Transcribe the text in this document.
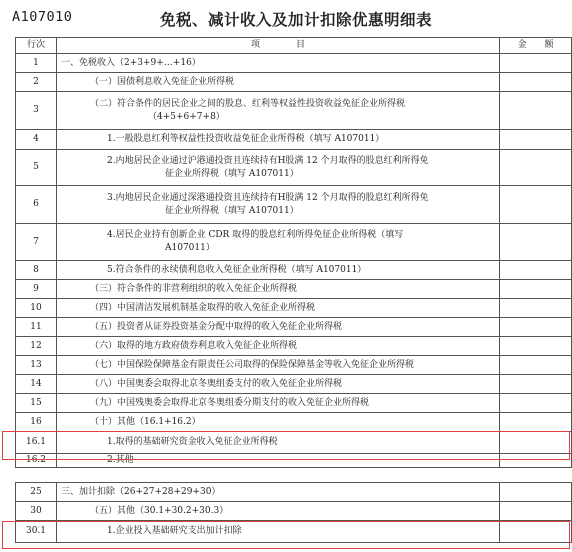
A107010	免税、减计收入及加计扣除优惠明细表
行次	项　　　　目	金　　额
1	一、免税收入（2+3+9+…+16）	
2	（一）国债利息收入免征企业所得税	
3	（二）符合条件的居民企业之间的股息、红利等权益性投资收益免征企业所得税
（4+5+6+7+8）	

4	1.一般股息红利等权益性投资收益免征企业所得税（填写 A107011）	
5	2.内地居民企业通过沪港通投资且连续持有H股满 12 个月取得的股息红利所得免
征企业所得税（填写 A107011）	

6	3.内地居民企业通过深港通投资且连续持有H股满 12 个月取得的股息红利所得免
征企业所得税（填写 A107011）	

7	4.居民企业持有创新企业 CDR 取得的股息红利所得免征企业所得税（填写
A107011）	

8	5.符合条件的永续债利息收入免征企业所得税（填写 A107011）	
9	（三）符合条件的非营利组织的收入免征企业所得税	
10	（四）中国清洁发展机制基金取得的收入免征企业所得税	
11	（五）投资者从证券投资基金分配中取得的收入免征企业所得税	
12	（六）取得的地方政府债券利息收入免征企业所得税	
13	（七）中国保险保障基金有限责任公司取得的保险保障基金等收入免征企业所得税	
14	（八）中国奥委会取得北京冬奥组委支付的收入免征企业所得税	
15	（九）中国残奥委会取得北京冬奥组委分期支付的收入免征企业所得税	
16	（十）其他（16.1+16.2）	
16.1	1.取得的基础研究资金收入免征企业所得税	
16.2	2.其他	
25	三、加计扣除（26+27+28+29+30）	
30	（五）其他（30.1+30.2+30.3）	
30.1	1.企业投入基础研究支出加计扣除	
